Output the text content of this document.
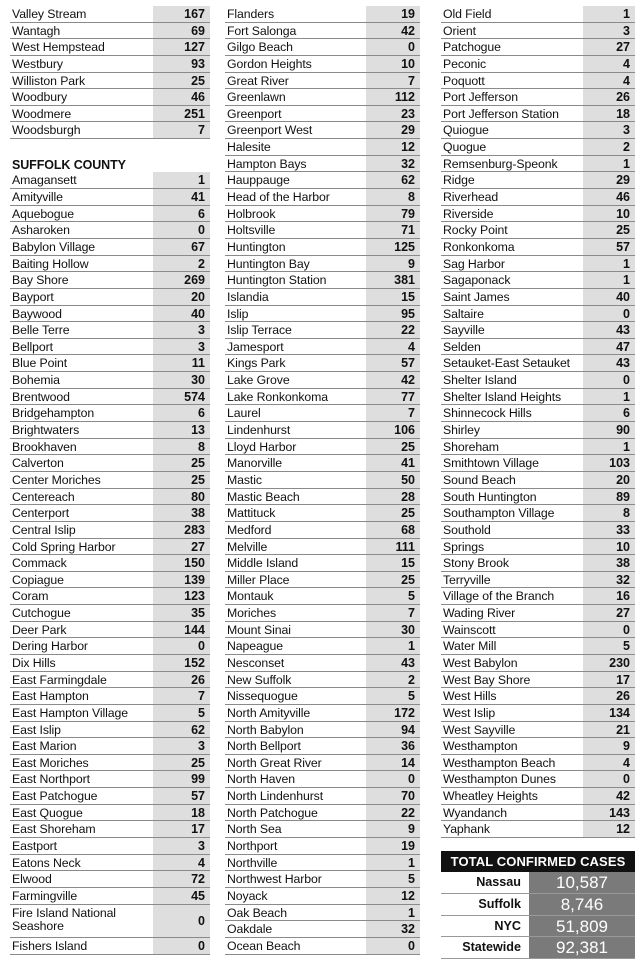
Valley Stream	167
Wantagh	69
West Hempstead	127
Westbury	93
Williston Park	25
Woodbury	46
Woodmere	251
Woodsburgh	7
SUFFOLK COUNTY
Amagansett	1
Amityville	41
Aquebogue	6
Asharoken	0
Babylon Village	67
Baiting Hollow	2
Bay Shore	269
Bayport	20
Baywood	40
Belle Terre	3
Bellport	3
Blue Point	11
Bohemia	30
Brentwood	574
Bridgehampton	6
Brightwaters	13
Brookhaven	8
Calverton	25
Center Moriches	25
Centereach	80
Centerport	38
Central Islip	283
Cold Spring Harbor	27
Commack	150
Copiague	139
Coram	123
Cutchogue	35
Deer Park	144
Dering Harbor	0
Dix Hills	152
East Farmingdale	26
East Hampton	7
East Hampton Village	5
East Islip	62
East Marion	3
East Moriches	25
East Northport	99
East Patchogue	57
East Quogue	18
East Shoreham	17
Eastport	3
Eatons Neck	4
Elwood	72
Farmingville	45
Fire Island National Seashore	0
Fishers Island	0
Flanders	19
Fort Salonga	42
Gilgo Beach	0
Gordon Heights	10
Great River	7
Greenlawn	112
Greenport	23
Greenport West	29
Halesite	12
Hampton Bays	32
Hauppauge	62
Head of the Harbor	8
Holbrook	79
Holtsville	71
Huntington	125
Huntington Bay	9
Huntington Station	381
Islandia	15
Islip	95
Islip Terrace	22
Jamesport	4
Kings Park	57
Lake Grove	42
Lake Ronkonkoma	77
Laurel	7
Lindenhurst	106
Lloyd Harbor	25
Manorville	41
Mastic	50
Mastic Beach	28
Mattituck	25
Medford	68
Melville	111
Middle Island	15
Miller Place	25
Montauk	5
Moriches	7
Mount Sinai	30
Napeague	1
Nesconset	43
New Suffolk	2
Nissequogue	5
North Amityville	172
North Babylon	94
North Bellport	36
North Great River	14
North Haven	0
North Lindenhurst	70
North Patchogue	22
North Sea	9
Northport	19
Northville	1
Northwest Harbor	5
Noyack	12
Oak Beach	1
Oakdale	32
Ocean Beach	0
Old Field	1
Orient	3
Patchogue	27
Peconic	4
Poquott	4
Port Jefferson	26
Port Jefferson Station	18
Quiogue	3
Quogue	2
Remsenburg-Speonk	1
Ridge	29
Riverhead	46
Riverside	10
Rocky Point	25
Ronkonkoma	57
Sag Harbor	1
Sagaponack	1
Saint James	40
Saltaire	0
Sayville	43
Selden	47
Setauket-East Setauket	43
Shelter Island	0
Shelter Island Heights	1
Shinnecock Hills	6
Shirley	90
Shoreham	1
Smithtown Village	103
Sound Beach	20
South Huntington	89
Southampton Village	8
Southold	33
Springs	10
Stony Brook	38
Terryville	32
Village of the Branch	16
Wading River	27
Wainscott	0
Water Mill	5
West Babylon	230
West Bay Shore	17
West Hills	26
West Islip	134
West Sayville	21
Westhampton	9
Westhampton Beach	4
Westhampton Dunes	0
Wheatley Heights	42
Wyandanch	143
Yaphank	12
TOTAL CONFIRMED CASES
Nassau	10,587
Suffolk	8,746
NYC	51,809
Statewide	92,381
